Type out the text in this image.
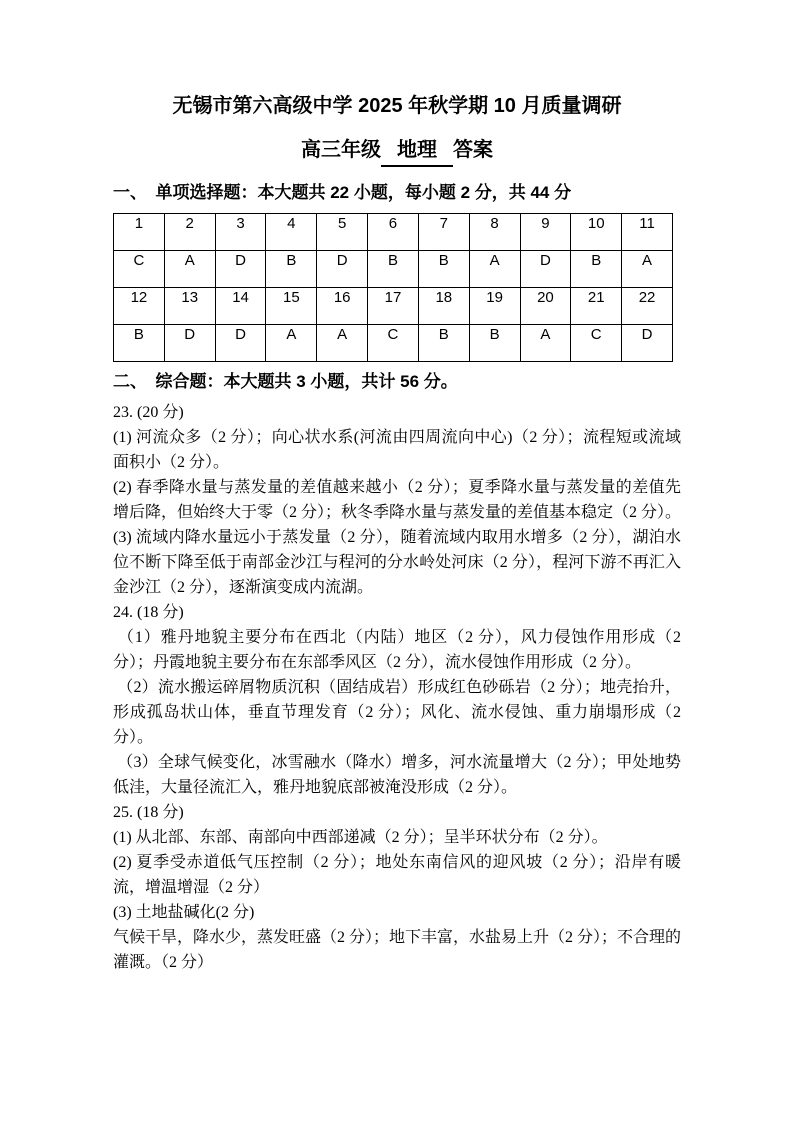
无锡市第六高级中学 2025 年秋学期 10 月质量调研
高三年级 地理 答案
一、　单项选择题：本大题共 22 小题，每小题 2 分，共 44 分
1	2	3	4	5	6	7	8	9	10	11
C	A	D	B	D	B	B	A	D	B	A
12	13	14	15	16	17	18	19	20	21	22
B	D	D	A	A	C	B	B	A	C	D
二、　综合题：本大题共 3 小题，共计 56 分。

23. (20 分)

(1) 河流众多（2 分）；向心状水系(河流由四周流向中心)（2 分）；流程短或流域面积小（2 分）。

(2) 春季降水量与蒸发量的差值越来越小（2 分）；夏季降水量与蒸发量的差值先增后降，但始终大于零（2 分）；秋冬季降水量与蒸发量的差值基本稳定（2 分）。

(3) 流域内降水量远小于蒸发量（2 分），随着流域内取用水增多（2 分），湖泊水位不断下降至低于南部金沙江与程河的分水岭处河床（2 分），程河下游不再汇入金沙江（2 分），逐渐演变成内流湖。

24. (18 分)

（1）雅丹地貌主要分布在西北（内陆）地区（2 分），风力侵蚀作用形成（2 分）；丹霞地貌主要分布在东部季风区（2 分），流水侵蚀作用形成（2 分）。

（2）流水搬运碎屑物质沉积（固结成岩）形成红色砂砾岩（2 分）；地壳抬升，形成孤岛状山体，垂直节理发育（2 分）；风化、流水侵蚀、重力崩塌形成（2 分）。

（3）全球气候变化，冰雪融水（降水）增多，河水流量增大（2 分）；甲处地势低洼，大量径流汇入，雅丹地貌底部被淹没形成（2 分）。

25. (18 分)

(1) 从北部、东部、南部向中西部递减（2 分）；呈半环状分布（2 分）。

(2) 夏季受赤道低气压控制（2 分）；地处东南信风的迎风坡（2 分）；沿岸有暖流，增温增湿（2 分）

(3) 土地盐碱化(2 分)

气候干旱，降水少，蒸发旺盛（2 分）；地下丰富，水盐易上升（2 分）；不合理的灌溉。（2 分）
